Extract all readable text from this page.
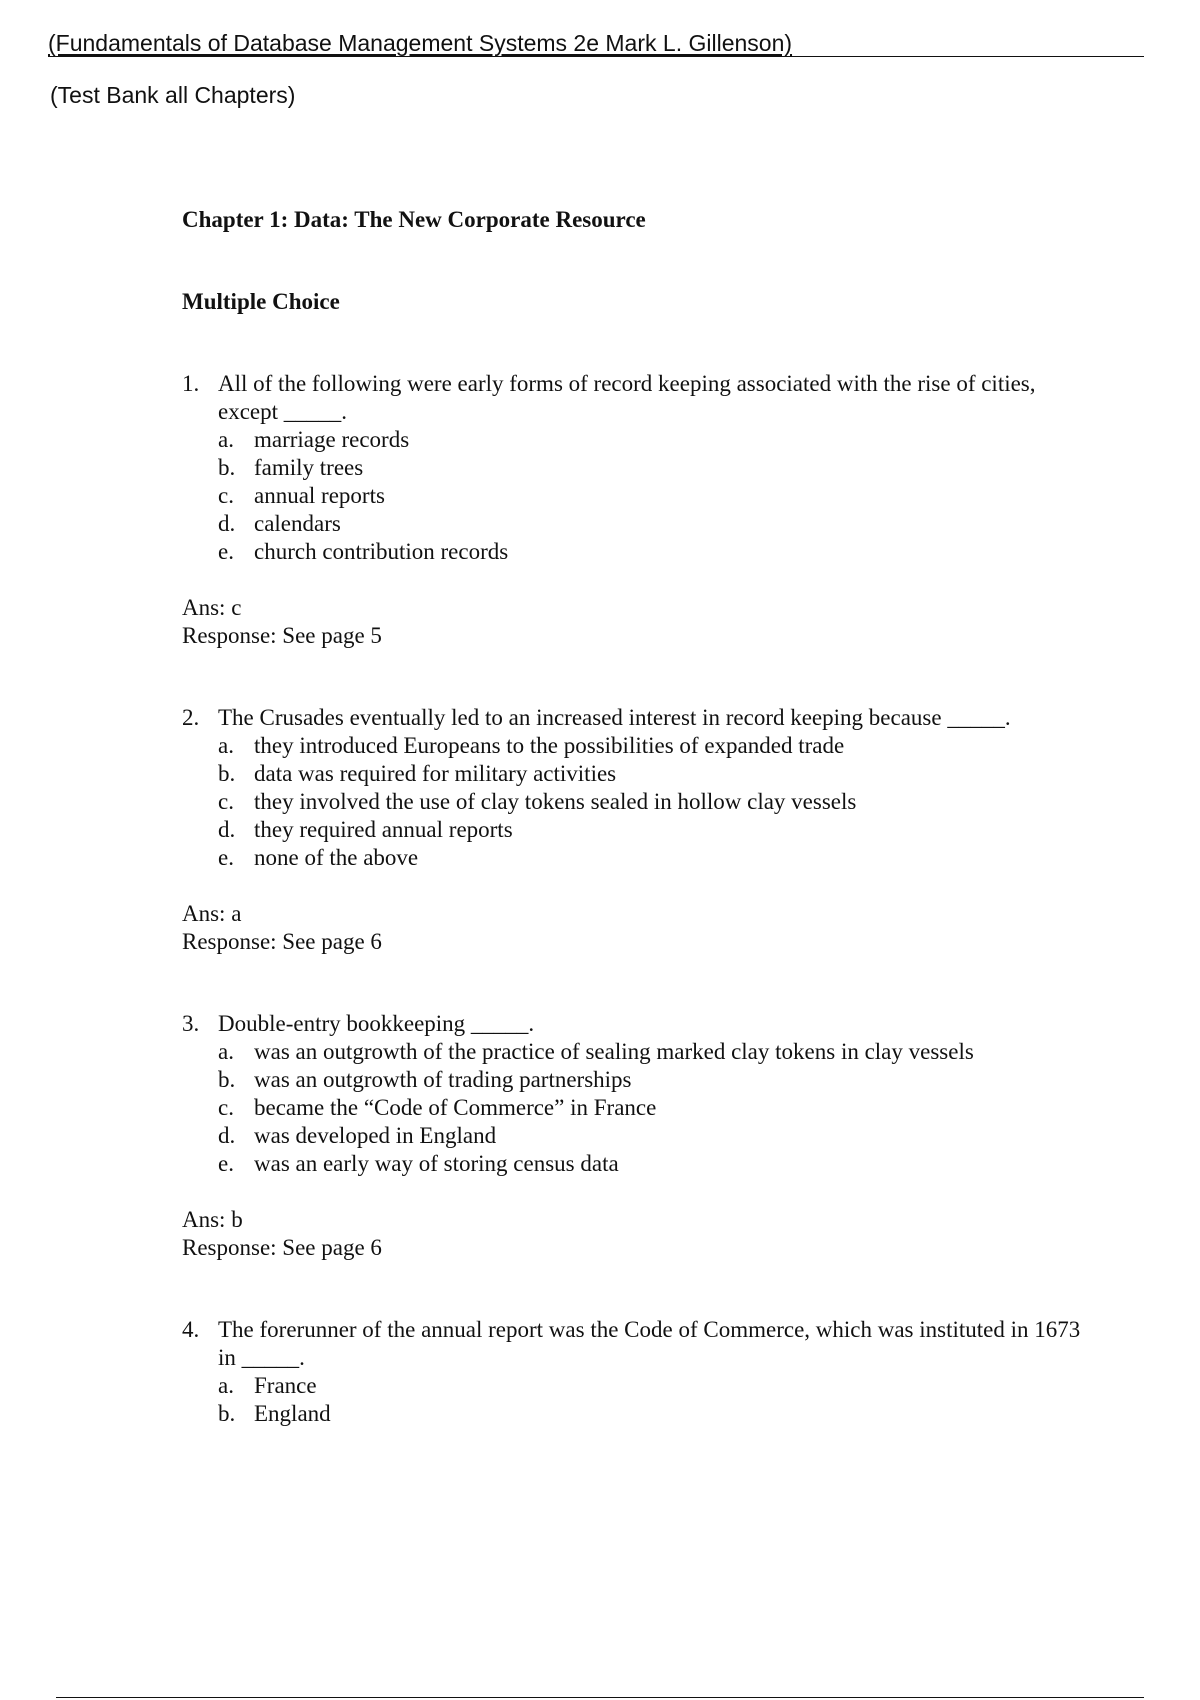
(Fundamentals of Database Management Systems 2e Mark L. Gillenson)
(Test Bank all Chapters)
Chapter 1: Data: The New Corporate Resource
Multiple Choice
1. All of the following were early forms of record keeping associated with the rise of cities, except _____.
a. marriage records
b. family trees
c. annual reports
d. calendars
e. church contribution records
Ans: c
Response: See page 5
2. The Crusades eventually led to an increased interest in record keeping because _____.
a. they introduced Europeans to the possibilities of expanded trade
b. data was required for military activities
c. they involved the use of clay tokens sealed in hollow clay vessels
d. they required annual reports
e. none of the above
Ans: a
Response: See page 6
3. Double-entry bookkeeping _____.
a. was an outgrowth of the practice of sealing marked clay tokens in clay vessels
b. was an outgrowth of trading partnerships
c. became the “Code of Commerce” in France
d. was developed in England
e. was an early way of storing census data
Ans: b
Response: See page 6
4. The forerunner of the annual report was the Code of Commerce, which was instituted in 1673 in _____.
a. France
b. England
